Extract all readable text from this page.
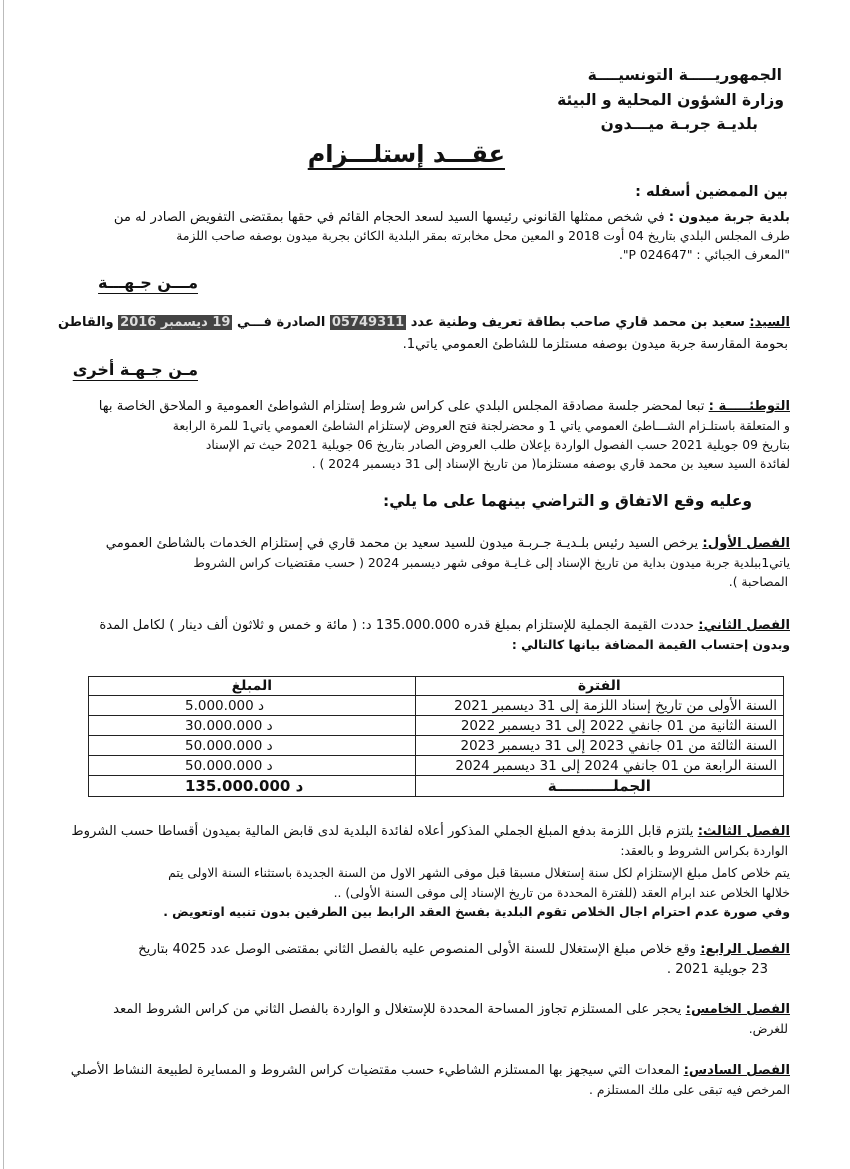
الجمهوريـــــة التونسيــــة
وزارة الشؤون المحلية و البيئة
بلديـة جربـة ميـــدون
عقـــد إستلـــزام
بين الممضين أسفله :
بلدية جربة ميدون : في شخص ممثلها القانوني رئيسها السيد لسعد الحجام القائم في حقها بمقتضى التفويض الصادر له من
طرف المجلس البلدي بتاريخ 04 أوت 2018 و المعين محل مخابرته بمقر البلدية الكائن بجربة ميدون بوصفه صاحب اللزمة
"المعرف الجبائي : "024647 P".
مـــن جـهـــة
السيد: سعيد بن محمد قاري صاحب بطاقة تعريف وطنية عدد 05749311 الصادرة فـــي 19 ديسمبر 2016 والقاطن
بحومة المقارسة جربة ميدون بوصفه مستلزما للشاطئ العمومي ياتي1.
مـن جـهـة أخرى
التوطئـــــة : تبعا لمحضر جلسة مصادقة المجلس البلدي على كراس شروط إستلزام الشواطئ العمومية و الملاحق الخاصة بها
و المتعلقة باستلـزام الشـــاطئ العمومي ياتي 1 و محضرلجنة فتح العروض لإستلزام الشاطئ العمومي ياتي1 للمرة الرابعة
بتاريخ 09 جويلية 2021 حسب الفصول الواردة بإعلان طلب العروض الصادر بتاريخ 06 جويلية 2021 حيث تم الإسناد
لفائدة السيد سعيد بن محمد قاري بوصفه مستلزما( من تاريخ الإسناد إلى 31 ديسمبر 2024 ) .
وعليه وقع الاتفاق و التراضي بينهما على ما يلي:
الفصل الأول: يرخص السيد رئيس بلـديـة جـربـة ميدون للسيد سعيد بن محمد قاري في إستلزام الخدمات بالشاطئ العمومي
ياتي1ببلدية جربة ميدون بداية من تاريخ الإسناد إلى غـايـة موفى شهر ديسمبر 2024 ( حسب مقتضيات كراس الشروط
المصاحبة ).
الفصل الثاني: حددت القيمة الجملية للإستلزام بمبلغ قدره 135.000.000 د: ( مائة و خمس و ثلاثون ألف دينار ) لكامل المدة
وبدون إحتساب القيمة المضافة بيانها كالتالي :
الفترة	المبلغ
السنة الأولى من تاريخ إسناد اللزمة إلى 31 ديسمبر 2021	5.000.000 د
السنة الثانية من 01 جانفي 2022 إلى 31 ديسمبر 2022	30.000.000 د
السنة الثالثة من 01 جانفي 2023 إلى 31 ديسمبر 2023	50.000.000 د
السنة الرابعة من 01 جانفي 2024 إلى 31 ديسمبر 2024	50.000.000 د
الجملـــــــــــة	135.000.000 د
الفصل الثالث: يلتزم قابل اللزمة بدفع المبلغ الجملي المذكور أعلاه لفائدة البلدية لدى قابض المالية بميدون أقساطا حسب الشروط
الواردة بكراس الشروط و بالعقد:
يتم خلاص كامل مبلغ الإستلزام لكل سنة إستغلال مسبقا قبل موفى الشهر الاول من السنة الجديدة باستثناء السنة الاولى يتم
خلالها الخلاص عند ابرام العقد (للفترة المحددة من تاريخ الإسناد إلى موفى السنة الأولى) ..
وفي صورة عدم احترام اجال الخلاص تقوم البلدية بفسخ العقد الرابط بين الطرفين بدون تنبيه اوتعويض .
الفصل الرابع: وقع خلاص مبلغ الإستغلال للسنة الأولى المنصوص عليه بالفصل الثاني بمقتضى الوصل عدد 4025 بتاريخ
23 جويلية 2021 .
الفصل الخامس: يحجر على المستلزم تجاوز المساحة المحددة للإستغلال و الواردة بالفصل الثاني من كراس الشروط المعد
للغرض.
الفصل السادس: المعدات التي سيجهز بها المستلزم الشاطيء حسب مقتضيات كراس الشروط و المسايرة لطبيعة النشاط الأصلي
المرخص فيه تبقى على ملك المستلزم .
